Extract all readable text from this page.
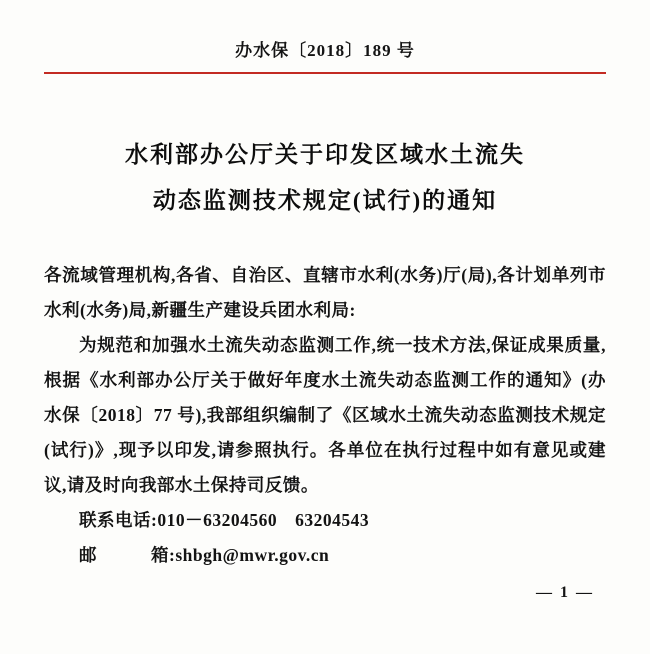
办水保〔2018〕189 号
水利部办公厅关于印发区域水土流失
动态监测技术规定(试行)的通知

各流域管理机构,各省、自治区、直辖市水利(水务)厅(局),各计划单列市水利(水务)局,新疆生产建设兵团水利局:

为规范和加强水土流失动态监测工作,统一技术方法,保证成果质量,根据《水利部办公厅关于做好年度水土流失动态监测工作的通知》(办水保〔2018〕77 号),我部组织编制了《区域水土流失动态监测技术规定(试行)》,现予以印发,请参照执行。各单位在执行过程中如有意见或建议,请及时向我部水土保持司反馈。

联系电话:010－63204560　63204543

邮　　　箱:shbgh@mwr.gov.cn

— 1 —
